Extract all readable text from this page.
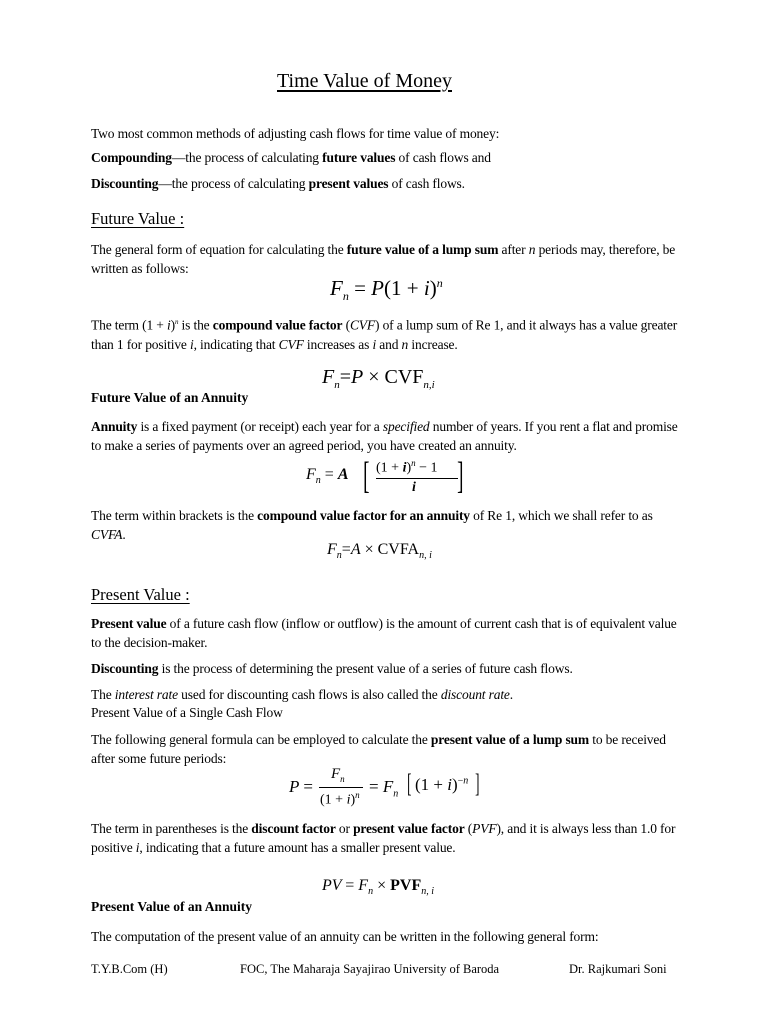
Time Value of Money
Two most common methods of adjusting cash flows for time value of money:
Compounding—the process of calculating future values of cash flows and
Discounting—the process of calculating present values of cash flows.
Future Value :
The general form of equation for calculating the future value of a lump sum after n periods may, therefore, be written as follows:
$F_n = P(1 + i)^n$
The term $(1 + i)^n$ is the compound value factor (CVF) of a lump sum of Re 1, and it always has a value greater than 1 for positive i, indicating that CVF increases as i and n increase.
$F_n=P \times CVF_{n,i}$
Future Value of an Annuity
Annuity is a fixed payment (or receipt) each year for a specified number of years. If you rent a flat and promise to make a series of payments over an agreed period, you have created an annuity.
$F_n = A$ [ $(1 + i)^n - 1$
i ]
The term within brackets is the compound value factor for an annuity of Re 1, which we shall refer to as CVFA.
$F_n=A$ × $CVFA_{n, i}$
Present Value :
Present value of a future cash flow (inflow or outflow) is the amount of current cash that is of equivalent value to the decision-maker.
Discounting is the process of determining the present value of a series of future cash flows.
The interest rate used for discounting cash flows is also called the discount rate.
Present Value of a Single Cash Flow
The following general formula can be employed to calculate the present value of a lump sum to be received after some future periods:
P =
$F_n$
$(1 + i)^n = F_n$ [ $(1 + i)^{-n}$ ]
The term in parentheses is the discount factor or present value factor (PVF), and it is always less than 1.0 for positive i, indicating that a future amount has a smaller present value.
PV = $F_n \times PVF_{n, i}$
Present Value of an Annuity
The computation of the present value of an annuity can be written in the following general form:
T.Y.B.Com (H)	FOC, The Maharaja Sayajirao University of Baroda	Dr. Rajkumari Soni
